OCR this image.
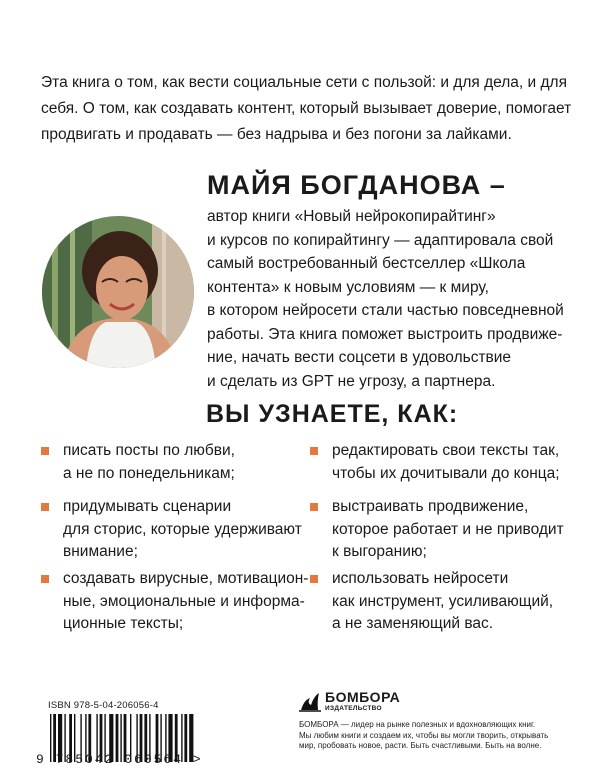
Эта книга о том, как вести социальные сети с пользой: и для дела, и для
себя. О том, как создавать контент, который вызывает доверие, помогает
продвигать и продавать — без надрыва и без погони за лайками.

МАЙЯ БОГДАНОВА –

автор книги «Новый нейрокопирайтинг»
и курсов по копирайтингу — адаптировала свой
самый востребованный бестселлер «Школа
контента» к новым условиям — к миру,
в котором нейросети стали частью повседневной
работы. Эта книга поможет выстроить продвиже-
ние, начать вести соцсети в удовольствие
и сделать из GPT не угрозу, а партнера.

ВЫ УЗНАЕТЕ, КАК:

писать посты по любви,
а не по понедельникам;
придумывать сценарии
для сторис, которые удерживают
внимание;
создавать вирусные, мотивацион-
ные, эмоциональные и информа-
ционные тексты;
редактировать свои тексты так,
чтобы их дочитывали до конца;
выстраивать продвижение,
которое работает и не приводит
к выгоранию;
использовать нейросети
как инструмент, усиливающий,
а не заменяющий вас.

ISBN 978-5-04-206056-4

9 785042 060564 >

БОМБОРА

ИЗДАТЕЛЬСТВО

БОМБОРА — лидер на рынке полезных и вдохновляющих книг.
Мы любим книги и создаем их, чтобы вы могли творить, открывать
мир, пробовать новое, расти. Быть счастливыми. Быть на волне.
